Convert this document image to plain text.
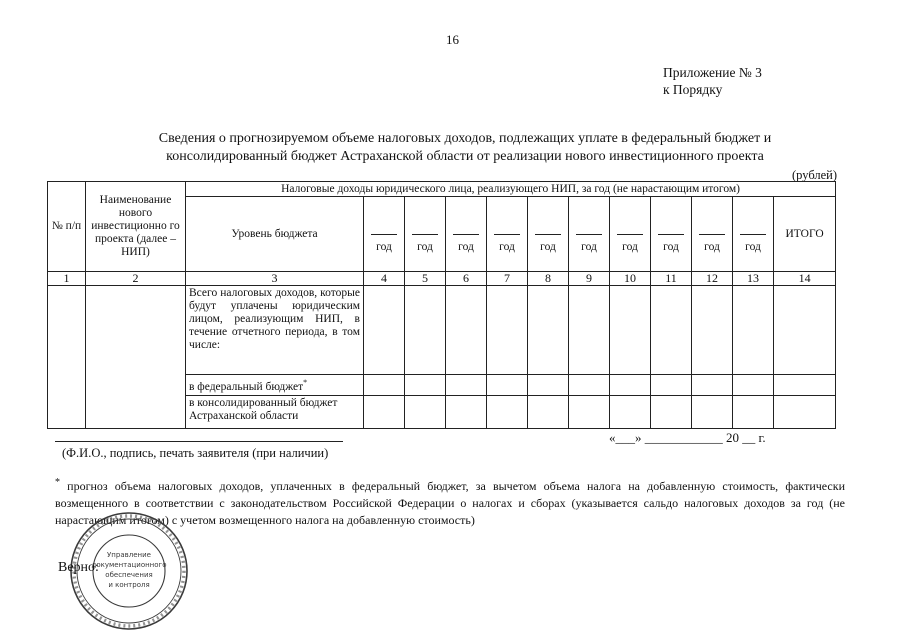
16
Приложение № 3
к Порядку
Сведения о прогнозируемом объеме налоговых доходов, подлежащих уплате в федеральный бюджет и
консолидированный бюджет Астраханской области от реализации нового инвестиционного проекта
(рублей)
№ п/п	Наименование нового инвестиционно го проекта (далее – НИП)	Налоговые доходы юридического лица, реализующего НИП, за год (не нарастающим итогом)											
		Уровень бюджета	год	год	год	год	год	год	год	год	год	год	ИТОГО
1	2	3	4	5	6	7	8	9	10	11	12	13	14
		Всего налоговых доходов, которые будут уплачены юридическим лицом, реализующим НИП, в течение отчетного периода, в том числе:											
		в федеральный бюджет*											
		в консолидированный бюджет Астраханской области											
(Ф.И.О., подпись, печать заявителя (при наличии)
«___» ____________ 20 __ г.
* прогноз объема налоговых доходов, уплаченных в федеральный бюджет, за вычетом объема налога на добавленную стоимость, фактически возмещенного в соответствии с законодательством Российской Федерации о налогах и сборах (указывается сальдо налоговых доходов за год (не нарастающим итогом) с учетом возмещенного налога на добавленную стоимость)
Управление
документационного
обеспечения
и контроля
Верно:
